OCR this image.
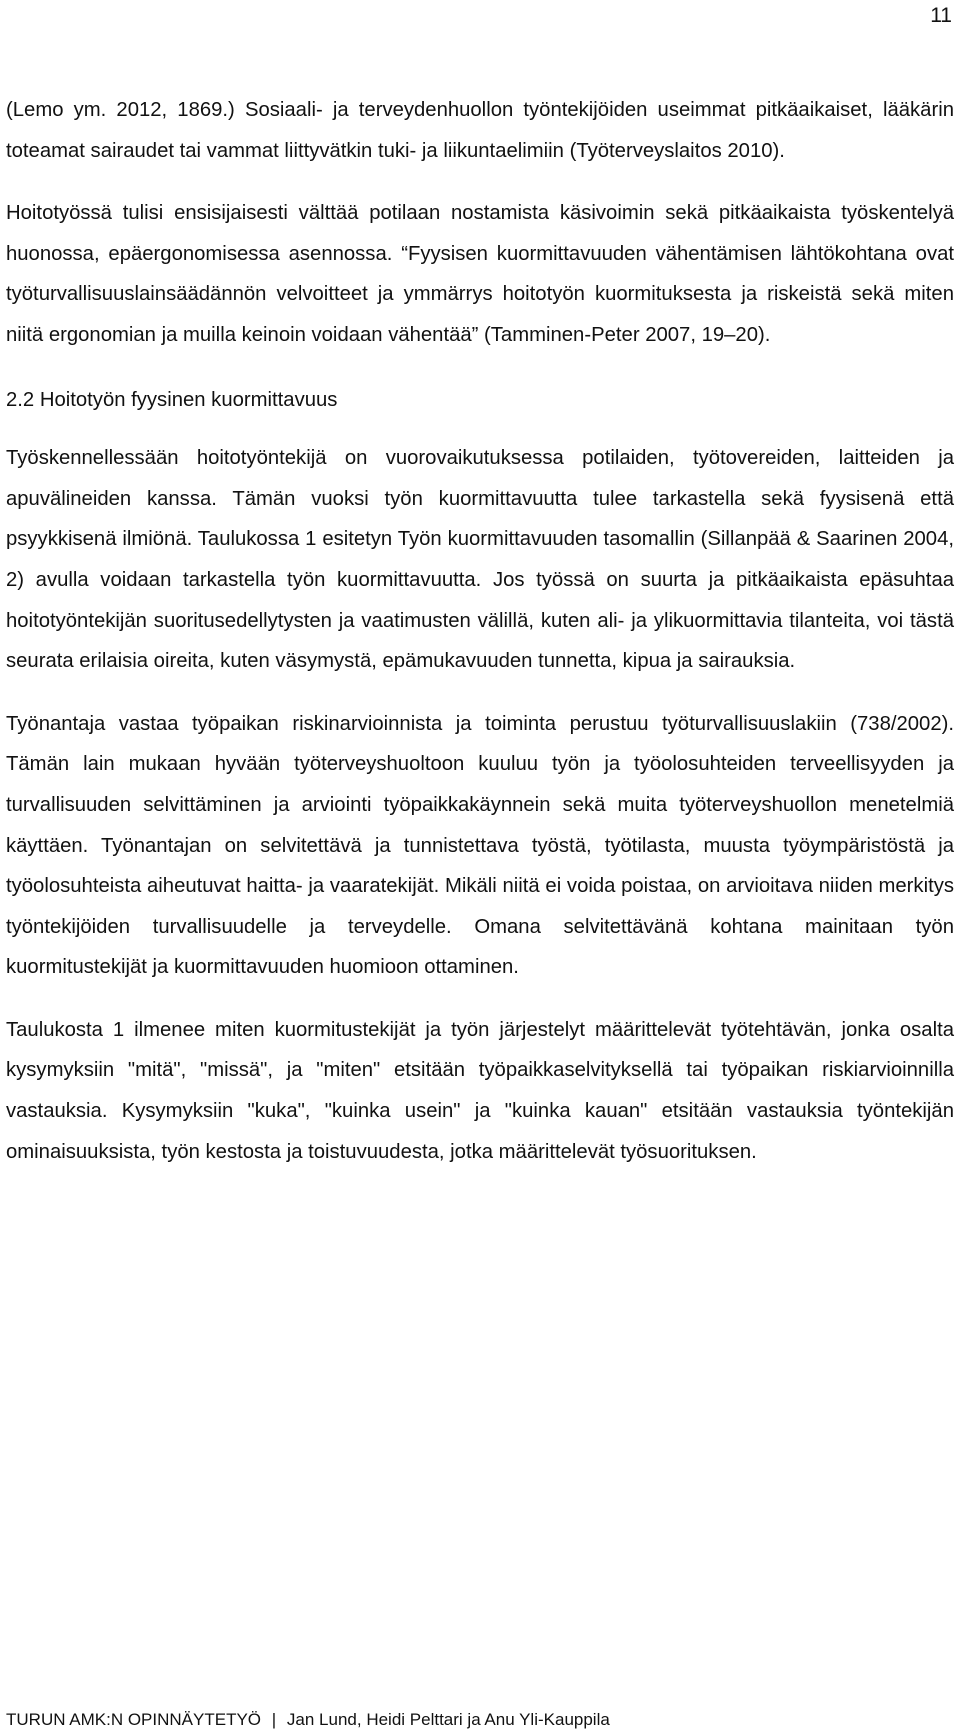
11

(Lemo ym. 2012, 1869.) Sosiaali- ja terveydenhuollon työntekijöiden useimmat pitkäaikaiset, lääkärin toteamat sairaudet tai vammat liittyvätkin tuki- ja liikuntaelimiin (Työterveyslaitos 2010).

Hoitotyössä tulisi ensisijaisesti välttää potilaan nostamista käsivoimin sekä pitkäaikaista työskentelyä huonossa, epäergonomisessa asennossa. “Fyysisen kuormittavuuden vähentämisen lähtökohtana ovat työturvallisuuslainsäädännön velvoitteet ja ymmärrys hoitotyön kuormituksesta ja riskeistä sekä miten niitä ergonomian ja muilla keinoin voidaan vähentää” (Tamminen-Peter 2007, 19–20).

2.2 Hoitotyön fyysinen kuormittavuus

Työskennellessään hoitotyöntekijä on vuorovaikutuksessa potilaiden, työtovereiden, laitteiden ja apuvälineiden kanssa. Tämän vuoksi työn kuormittavuutta tulee tarkastella sekä fyysisenä että psyykkisenä ilmiönä. Taulukossa 1 esitetyn Työn kuormittavuuden tasomallin (Sillanpää & Saarinen 2004, 2) avulla voidaan tarkastella työn kuormittavuutta. Jos työssä on suurta ja pitkäaikaista epäsuhtaa hoitotyöntekijän suoritusedellytysten ja vaatimusten välillä, kuten ali- ja ylikuormittavia tilanteita, voi tästä seurata erilaisia oireita, kuten väsymystä, epämukavuuden tunnetta, kipua ja sairauksia.

Työnantaja vastaa työpaikan riskinarvioinnista ja toiminta perustuu työturvallisuuslakiin (738/2002). Tämän lain mukaan hyvään työterveyshuoltoon kuuluu työn ja työolosuhteiden terveellisyyden ja turvallisuuden selvittäminen ja arviointi työpaikkakäynnein sekä muita työterveyshuollon menetelmiä käyttäen. Työnantajan on selvitettävä ja tunnistettava työstä, työtilasta, muusta työympäristöstä ja työolosuhteista aiheutuvat haitta- ja vaaratekijät. Mikäli niitä ei voida poistaa, on arvioitava niiden merkitys työntekijöiden turvallisuudelle ja terveydelle. Omana selvitettävänä kohtana mainitaan työn kuormitustekijät ja kuormittavuuden huomioon ottaminen.

Taulukosta 1 ilmenee miten kuormitustekijät ja työn järjestelyt määrittelevät työtehtävän, jonka osalta kysymyksiin "mitä", "missä", ja "miten" etsitään työpaikkaselvityksellä tai työpaikan riskiarvioinnilla vastauksia. Kysymyksiin "kuka", "kuinka usein" ja "kuinka kauan" etsitään vastauksia työntekijän ominaisuuksista, työn kestosta ja toistuvuudesta, jotka määrittelevät työsuorituksen.

TURUN AMK:N OPINNÄYTETYÖ | Jan Lund, Heidi Pelttari ja Anu Yli-Kauppila
